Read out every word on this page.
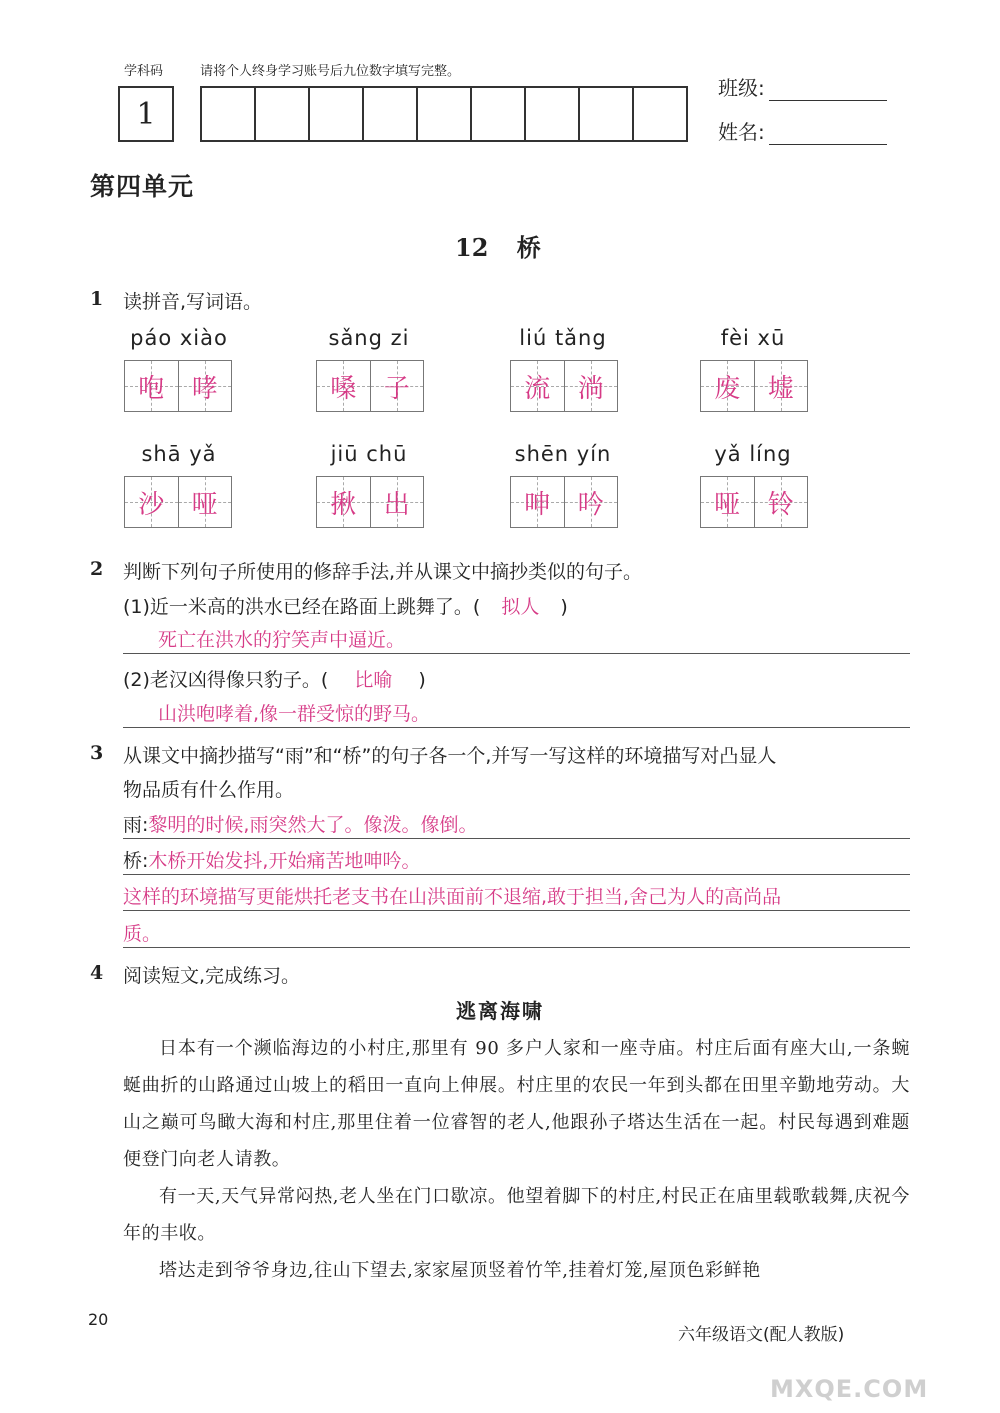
学科码	请将个人终身学习账号后九位数字填写完整。
1
班级:
姓名:
第四单元
12 桥
1 读拼音,写词语。
páo xiào
咆 哮
sǎng zi
嗓 子
liú tǎng
流 淌
fèi xū
废 墟
shā yǎ
沙 哑
jiū chū
揪 出
shēn yín
呻 吟
yǎ líng
哑 铃
2 判断下列句子所使用的修辞手法,并从课文中摘抄类似的句子。
(1)近一米高的洪水已经在路面上跳舞了。( 拟人 )
死亡在洪水的狞笑声中逼近。
(2)老汉凶得像只豹子。( 比喻 )
山洪咆哮着,像一群受惊的野马。
3 从课文中摘抄描写“雨”和“桥”的句子各一个,并写一写这样的环境描写对凸显人
物品质有什么作用。
雨:黎明的时候,雨突然大了。像泼。像倒。
桥:木桥开始发抖,开始痛苦地呻吟。
这样的环境描写更能烘托老支书在山洪面前不退缩,敢于担当,舍己为人的高尚品
质。
4 阅读短文,完成练习。
逃离海啸

日本有一个濒临海边的小村庄,那里有 90 多户人家和一座寺庙。村庄后面有座大山,一条蜿蜒曲折的山路通过山坡上的稻田一直向上伸展。村庄里的农民一年到头都在田里辛勤地劳动。大山之巅可鸟瞰大海和村庄,那里住着一位睿智的老人,他跟孙子塔达生活在一起。村民每遇到难题便登门向老人请教。

有一天,天气异常闷热,老人坐在门口歇凉。他望着脚下的村庄,村民正在庙里载歌载舞,庆祝今年的丰收。

塔达走到爷爷身边,往山下望去,家家屋顶竖着竹竿,挂着灯笼,屋顶色彩鲜艳

20
六年级语文(配人教版)
MXQE.COM
